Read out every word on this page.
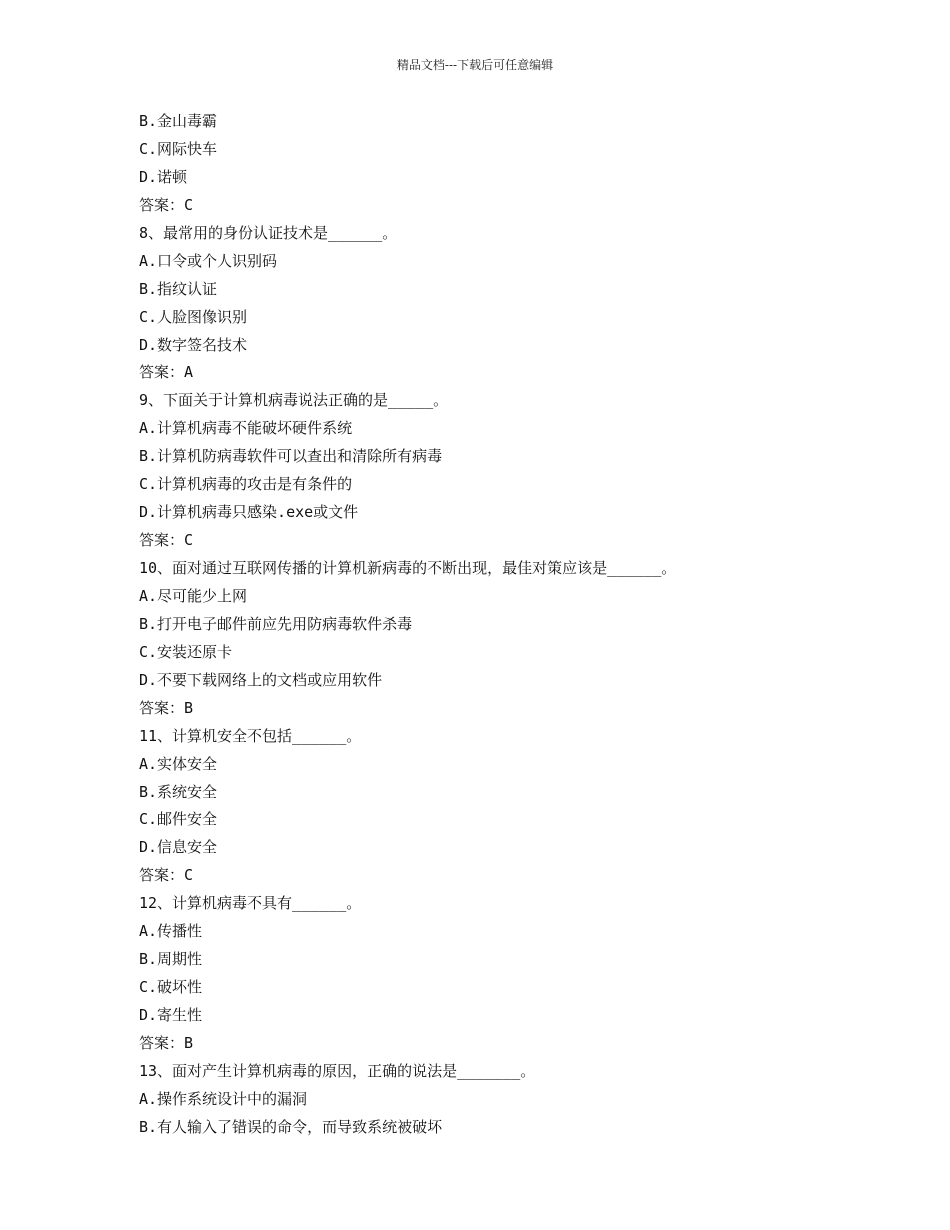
精品文档---下载后可任意编辑
B.金山毒霸
C.网际快车
D.诺顿
答案：C
8、最常用的身份认证技术是______。
A.口令或个人识别码
B.指纹认证
C.人脸图像识别
D.数字签名技术
答案：A
9、下面关于计算机病毒说法正确的是_____。
A.计算机病毒不能破坏硬件系统
B.计算机防病毒软件可以查出和清除所有病毒
C.计算机病毒的攻击是有条件的
D.计算机病毒只感染.exe或文件
答案：C
10、面对通过互联网传播的计算机新病毒的不断出现，最佳对策应该是______。
A.尽可能少上网
B.打开电子邮件前应先用防病毒软件杀毒
C.安装还原卡
D.不要下载网络上的文档或应用软件
答案：B
11、计算机安全不包括______。
A.实体安全
B.系统安全
C.邮件安全
D.信息安全
答案：C
12、计算机病毒不具有______。
A.传播性
B.周期性
C.破坏性
D.寄生性
答案：B
13、面对产生计算机病毒的原因，正确的说法是_______。
A.操作系统设计中的漏洞
B.有人输入了错误的命令，而导致系统被破坏
